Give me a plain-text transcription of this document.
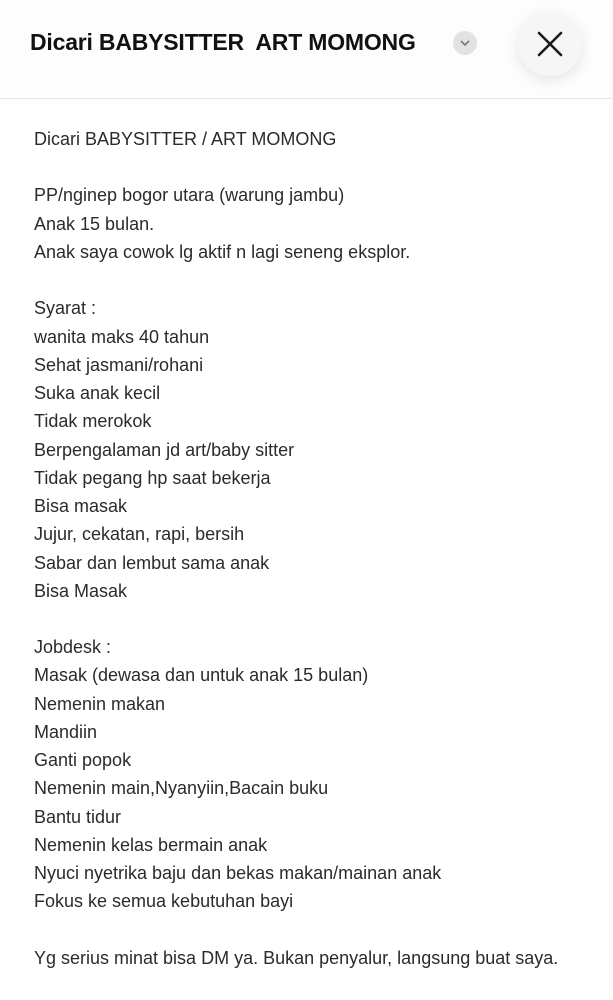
Dicari BABYSITTER  ART MOMONG
Dicari BABYSITTER / ART MOMONG
PP/nginep bogor utara (warung jambu)
Anak 15 bulan.
Anak saya cowok lg aktif n lagi seneng eksplor.
Syarat :
wanita maks 40 tahun
Sehat jasmani/rohani
Suka anak kecil
Tidak merokok
Berpengalaman jd art/baby sitter
Tidak pegang hp saat bekerja
Bisa masak
Jujur, cekatan, rapi, bersih
Sabar dan lembut sama anak
Bisa Masak
Jobdesk :
Masak (dewasa dan untuk anak 15 bulan)
Nemenin makan
Mandiin
Ganti popok
Nemenin main,Nyanyiin,Bacain buku
Bantu tidur
Nemenin kelas bermain anak
Nyuci nyetrika baju dan bekas makan/mainan anak
Fokus ke semua kebutuhan bayi
Yg serius minat bisa DM ya. Bukan penyalur, langsung buat saya.
